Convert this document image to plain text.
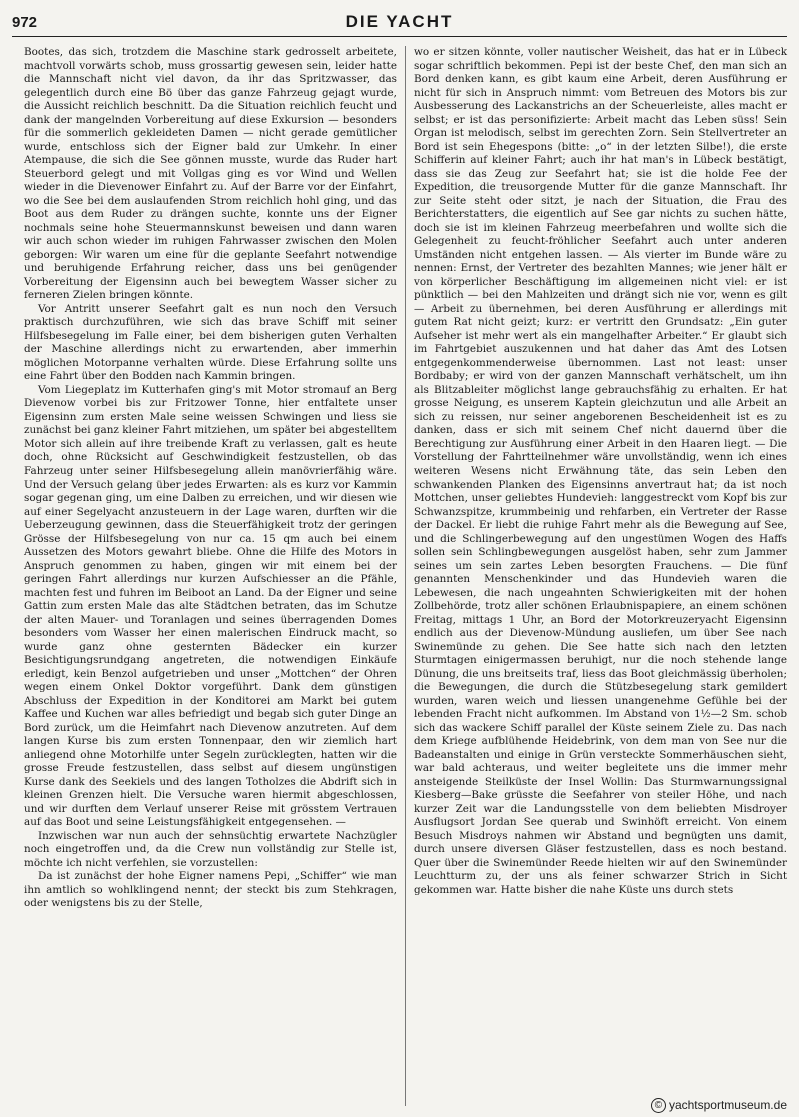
972	DIE YACHT

Bootes, das sich, trotzdem die Maschine stark gedrosselt arbeitete, machtvoll vorwärts schob, muss grossartig gewesen sein, leider hatte die Mannschaft nicht viel davon, da ihr das Spritzwasser, das gelegentlich durch eine Bö über das ganze Fahrzeug gejagt wurde, die Aussicht reichlich beschnitt. Da die Situation reichlich feucht und dank der mangelnden Vorbereitung auf diese Exkursion — besonders für die sommerlich gekleideten Damen — nicht gerade gemütlicher wurde, entschloss sich der Eigner bald zur Umkehr. In einer Atempause, die sich die See gönnen musste, wurde das Ruder hart Steuerbord gelegt und mit Vollgas ging es vor Wind und Wellen wieder in die Dievenower Einfahrt zu. Auf der Barre vor der Einfahrt, wo die See bei dem auslaufenden Strom reichlich hohl ging, und das Boot aus dem Ruder zu drängen suchte, konnte uns der Eigner nochmals seine hohe Steuermannskunst beweisen und dann waren wir auch schon wieder im ruhigen Fahrwasser zwischen den Molen geborgen: Wir waren um eine für die geplante Seefahrt notwendige und beruhigende Erfahrung reicher, dass uns bei genügender Vorbereitung der Eigensinn auch bei bewegtem Wasser sicher zu ferneren Zielen bringen könnte.

Vor Antritt unserer Seefahrt galt es nun noch den Versuch praktisch durchzuführen, wie sich das brave Schiff mit seiner Hilfsbesegelung im Falle einer, bei dem bisherigen guten Verhalten der Maschine allerdings nicht zu erwartenden, aber immerhin möglichen Motorpanne verhalten würde. Diese Erfahrung sollte uns eine Fahrt über den Bodden nach Kammin bringen.

Vom Liegeplatz im Kutterhafen ging's mit Motor stromauf an Berg Dievenow vorbei bis zur Fritzower Tonne, hier entfaltete unser Eigensinn zum ersten Male seine weissen Schwingen und liess sie zunächst bei ganz kleiner Fahrt mitziehen, um später bei abgestelltem Motor sich allein auf ihre treibende Kraft zu verlassen, galt es heute doch, ohne Rücksicht auf Geschwindigkeit festzustellen, ob das Fahrzeug unter seiner Hilfsbesegelung allein manövrierfähig wäre. Und der Versuch gelang über jedes Erwarten: als es kurz vor Kammin sogar gegenan ging, um eine Dalben zu erreichen, und wir diesen wie auf einer Segelyacht anzusteuern in der Lage waren, durften wir die Ueberzeugung gewinnen, dass die Steuerfähigkeit trotz der geringen Grösse der Hilfsbesegelung von nur ca. 15 qm auch bei einem Aussetzen des Motors gewahrt bliebe. Ohne die Hilfe des Motors in Anspruch genommen zu haben, gingen wir mit einem bei der geringen Fahrt allerdings nur kurzen Aufschiesser an die Pfähle, machten fest und fuhren im Beiboot an Land. Da der Eigner und seine Gattin zum ersten Male das alte Städtchen betraten, das im Schutze der alten Mauer- und Toranlagen und seines überragenden Domes besonders vom Wasser her einen malerischen Eindruck macht, so wurde ganz ohne gesternten Bädecker ein kurzer Besichtigungsrundgang angetreten, die notwendigen Einkäufe erledigt, kein Benzol aufgetrieben und unser „Mottchen“ der Ohren wegen einem Onkel Doktor vorgeführt. Dank dem günstigen Abschluss der Expedition in der Konditorei am Markt bei gutem Kaffee und Kuchen war alles befriedigt und begab sich guter Dinge an Bord zurück, um die Heimfahrt nach Dievenow anzutreten. Auf dem langen Kurse bis zum ersten Tonnenpaar, den wir ziemlich hart anliegend ohne Motorhilfe unter Segeln zurücklegten, hatten wir die grosse Freude festzustellen, dass selbst auf diesem ungünstigen Kurse dank des Seekiels und des langen Totholzes die Abdrift sich in kleinen Grenzen hielt. Die Versuche waren hiermit abgeschlossen, und wir durften dem Verlauf unserer Reise mit grösstem Vertrauen auf das Boot und seine Leistungsfähigkeit entgegensehen. —

Inzwischen war nun auch der sehnsüchtig erwartete Nachzügler noch eingetroffen und, da die Crew nun vollständig zur Stelle ist, möchte ich nicht verfehlen, sie vorzustellen:

Da ist zunächst der hohe Eigner namens Pepi, „Schiffer“ wie man ihn amtlich so wohlklingend nennt; der steckt bis zum Stehkragen, oder wenigstens bis zu der Stelle,

wo er sitzen könnte, voller nautischer Weisheit, das hat er in Lübeck sogar schriftlich bekommen. Pepi ist der beste Chef, den man sich an Bord denken kann, es gibt kaum eine Arbeit, deren Ausführung er nicht für sich in Anspruch nimmt: vom Betreuen des Motors bis zur Ausbesserung des Lackanstrichs an der Scheuerleiste, alles macht er selbst; er ist das personifizierte: Arbeit macht das Leben süss! Sein Organ ist melodisch, selbst im gerechten Zorn. Sein Stellvertreter an Bord ist sein Ehegespons (bitte: „o“ in der letzten Silbe!), die erste Schifferin auf kleiner Fahrt; auch ihr hat man's in Lübeck bestätigt, dass sie das Zeug zur Seefahrt hat; sie ist die holde Fee der Expedition, die treusorgende Mutter für die ganze Mannschaft. Ihr zur Seite steht oder sitzt, je nach der Situation, die Frau des Berichterstatters, die eigentlich auf See gar nichts zu suchen hätte, doch sie ist im kleinen Fahrzeug meerbefahren und wollte sich die Gelegenheit zu feucht-fröhlicher Seefahrt auch unter anderen Umständen nicht entgehen lassen. — Als vierter im Bunde wäre zu nennen: Ernst, der Vertreter des bezahlten Mannes; wie jener hält er von körperlicher Beschäftigung im allgemeinen nicht viel: er ist pünktlich — bei den Mahlzeiten und drängt sich nie vor, wenn es gilt — Arbeit zu übernehmen, bei deren Ausführung er allerdings mit gutem Rat nicht geizt; kurz: er vertritt den Grundsatz: „Ein guter Aufseher ist mehr wert als ein mangelhafter Arbeiter.“ Er glaubt sich im Fahrtgebiet auszukennen und hat daher das Amt des Lotsen entgegenkommenderweise übernommen. Last not least: unser Bordbaby; er wird von der ganzen Mannschaft verhätschelt, um ihn als Blitzableiter möglichst lange gebrauchsfähig zu erhalten. Er hat grosse Neigung, es unserem Kaptein gleichzutun und alle Arbeit an sich zu reissen, nur seiner angeborenen Bescheidenheit ist es zu danken, dass er sich mit seinem Chef nicht dauernd über die Berechtigung zur Ausführung einer Arbeit in den Haaren liegt. — Die Vorstellung der Fahrtteilnehmer wäre unvollständig, wenn ich eines weiteren Wesens nicht Erwähnung täte, das sein Leben den schwankenden Planken des Eigensinns anvertraut hat; da ist noch Mottchen, unser geliebtes Hundevieh: langgestreckt vom Kopf bis zur Schwanzspitze, krummbeinig und rehfarben, ein Vertreter der Rasse der Dackel. Er liebt die ruhige Fahrt mehr als die Bewegung auf See, und die Schlingerbewegung auf den ungestümen Wogen des Haffs sollen sein Schlingbewegungen ausgelöst haben, sehr zum Jammer seines um sein zartes Leben besorgten Frauchens. — Die fünf genannten Menschenkinder und das Hundevieh waren die Lebewesen, die nach ungeahnten Schwierigkeiten mit der hohen Zollbehörde, trotz aller schönen Erlaubnispapiere, an einem schönen Freitag, mittags 1 Uhr, an Bord der Motorkreuzeryacht Eigensinn endlich aus der Dievenow-Mündung ausliefen, um über See nach Swinemünde zu gehen. Die See hatte sich nach den letzten Sturmtagen einigermassen beruhigt, nur die noch stehende lange Dünung, die uns breitseits traf, liess das Boot gleichmässig überholen; die Bewegungen, die durch die Stützbesegelung stark gemildert wurden, waren weich und liessen unangenehme Gefühle bei der lebenden Fracht nicht aufkommen. Im Abstand von 1½—2 Sm. schob sich das wackere Schiff parallel der Küste seinem Ziele zu. Das nach dem Kriege aufblühende Heidebrink, von dem man von See nur die Badeanstalten und einige in Grün versteckte Sommerhäuschen sieht, war bald achteraus, und weiter begleitete uns die immer mehr ansteigende Steilküste der Insel Wollin: Das Sturmwarnungssignal Kiesberg—Bake grüsste die Seefahrer von steiler Höhe, und nach kurzer Zeit war die Landungsstelle von dem beliebten Misdroyer Ausflugsort Jordan See querab und Swinhöft erreicht. Von einem Besuch Misdroys nahmen wir Abstand und begnügten uns damit, durch unsere diversen Gläser festzustellen, dass es noch bestand. Quer über die Swinemünder Reede hielten wir auf den Swinemünder Leuchtturm zu, der uns als feiner schwarzer Strich in Sicht gekommen war. Hatte bisher die nahe Küste uns durch stets

© yachtsportmuseum.de
